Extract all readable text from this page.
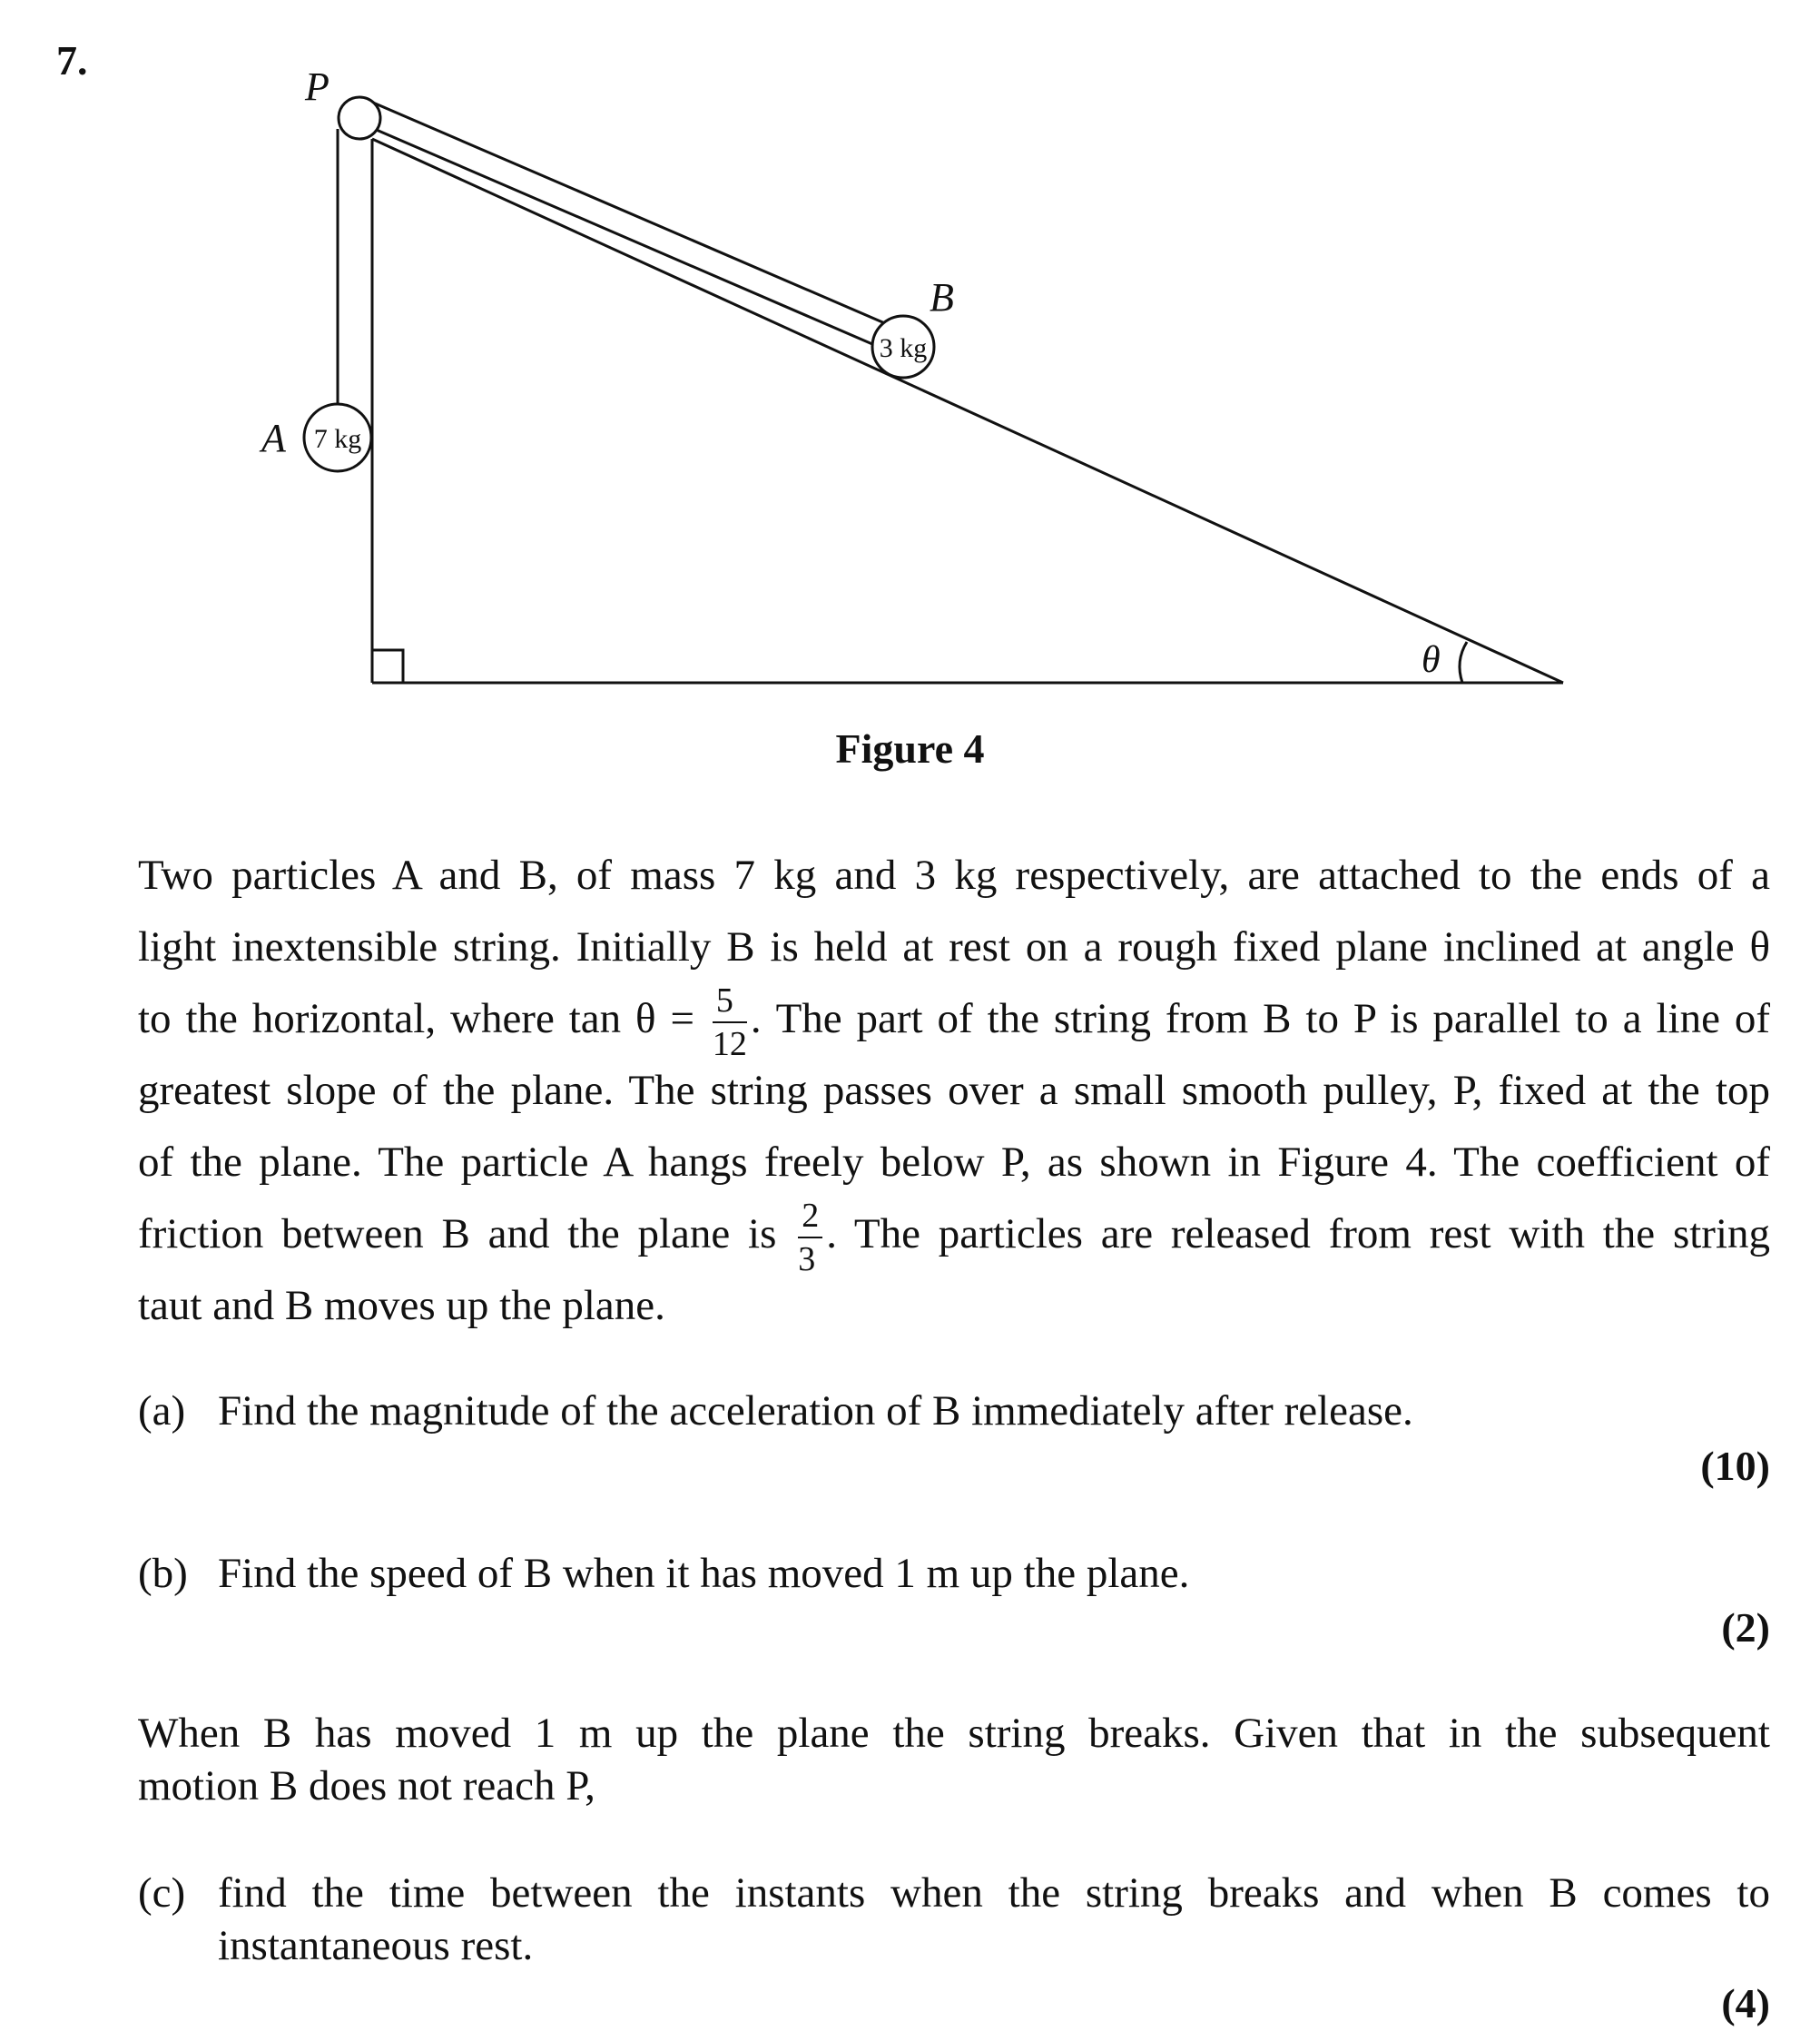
7.
θ
P
3 kg
B
7 kg
A
Figure 4
Two particles A and B, of mass 7 kg and 3 kg respectively, are attached to the ends of a
light inextensible string. Initially B is held at rest on a rough fixed plane inclined at angle θ
to the horizontal, where $\tan \theta = \frac{5}{12}$ . The part of the string from B to P is parallel to a line of
greatest slope of the plane. The string passes over a small smooth pulley, P, fixed at the top
of the plane. The particle A hangs freely below P, as shown in Figure 4. The coefficient of
friction between B and the plane is $\frac{2}{3}$ . The particles are released from rest with the string
taut and B moves up the plane.
(a) Find the magnitude of the acceleration of B immediately after release.
(10)
(b) Find the speed of B when it has moved 1 m up the plane.
(2)
When B has moved 1 m up the plane the string breaks. Given that in the subsequent
motion B does not reach P,
(c) find the time between the instants when the string breaks and when B comes to
instantaneous rest.
(4)
